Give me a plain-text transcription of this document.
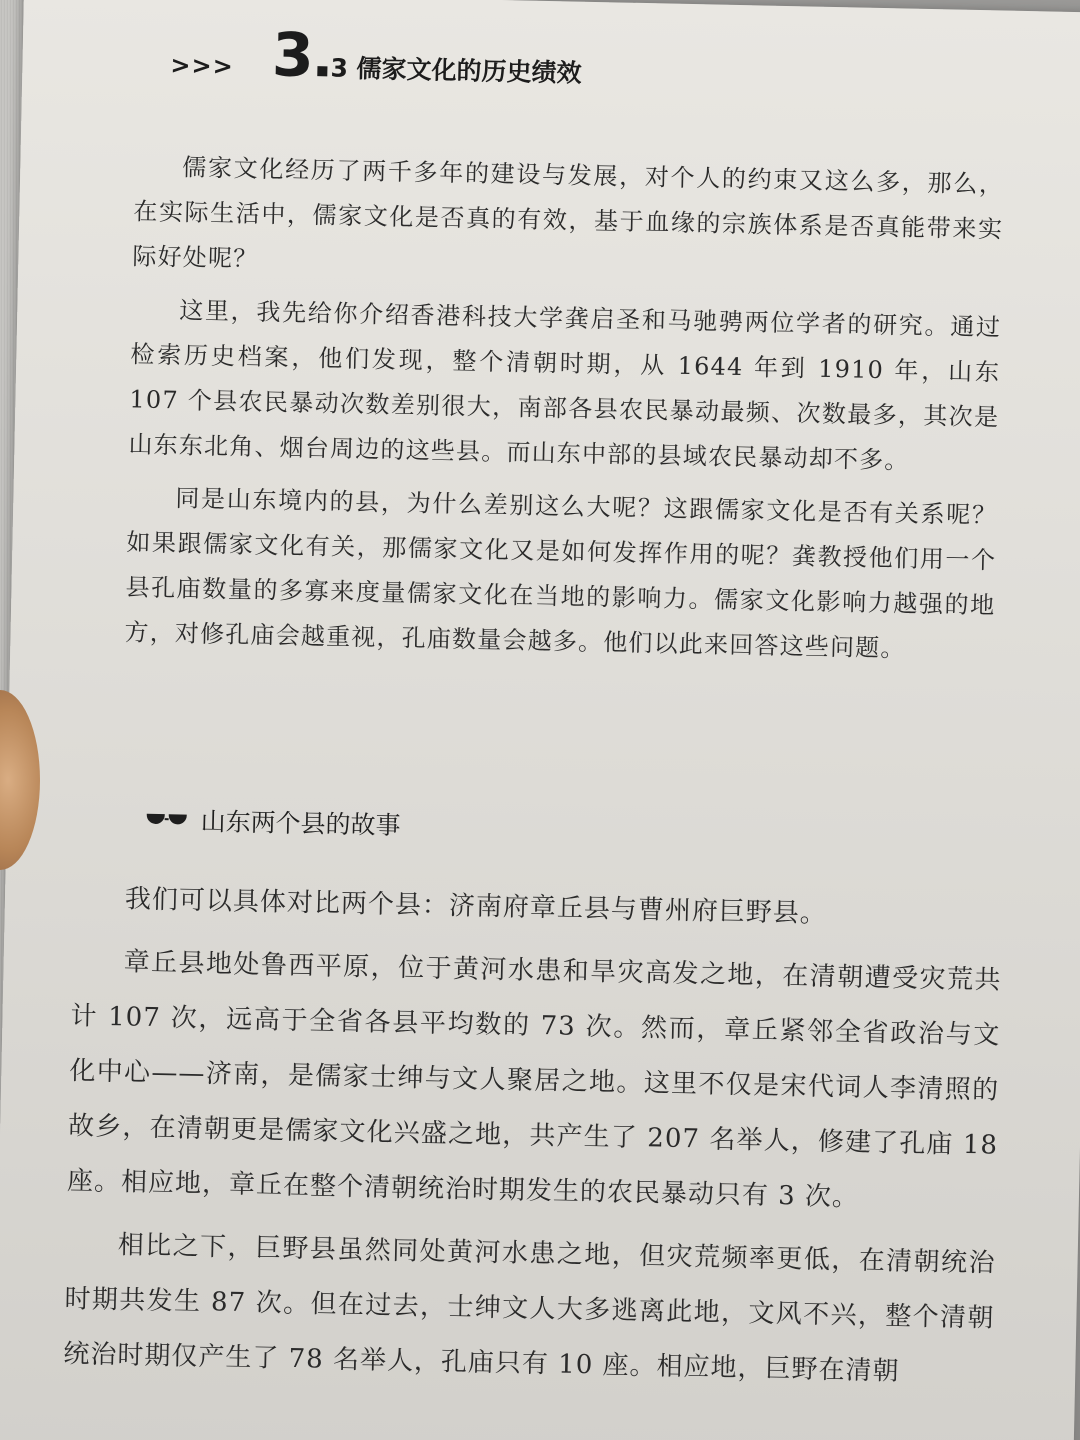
>>> 3 3 儒家文化的历史绩效

儒家文化经历了两千多年的建设与发展，对个人的约束又这么多，那么，在实际生活中，儒家文化是否真的有效，基于血缘的宗族体系是否真能带来实际好处呢？

这里，我先给你介绍香港科技大学龚启圣和马驰骋两位学者的研究。通过检索历史档案，他们发现，整个清朝时期，从 1644 年到 1910 年，山东 107 个县农民暴动次数差别很大，南部各县农民暴动最频、次数最多，其次是山东东北角、烟台周边的这些县。而山东中部的县域农民暴动却不多。

同是山东境内的县，为什么差别这么大呢？这跟儒家文化是否有关系呢？如果跟儒家文化有关，那儒家文化又是如何发挥作用的呢？龚教授他们用一个县孔庙数量的多寡来度量儒家文化在当地的影响力。儒家文化影响力越强的地方，对修孔庙会越重视，孔庙数量会越多。他们以此来回答这些问题。

山东两个县的故事

我们可以具体对比两个县：济南府章丘县与曹州府巨野县。

章丘县地处鲁西平原，位于黄河水患和旱灾高发之地，在清朝遭受灾荒共计 107 次，远高于全省各县平均数的 73 次。然而，章丘紧邻全省政治与文化中心——济南，是儒家士绅与文人聚居之地。这里不仅是宋代词人李清照的故乡，在清朝更是儒家文化兴盛之地，共产生了 207 名举人，修建了孔庙 18 座。相应地，章丘在整个清朝统治时期发生的农民暴动只有 3 次。

相比之下，巨野县虽然同处黄河水患之地，但灾荒频率更低，在清朝统治时期共发生 87 次。但在过去，士绅文人大多逃离此地，文风不兴，整个清朝统治时期仅产生了 78 名举人，孔庙只有 10 座。相应地，巨野在清朝
